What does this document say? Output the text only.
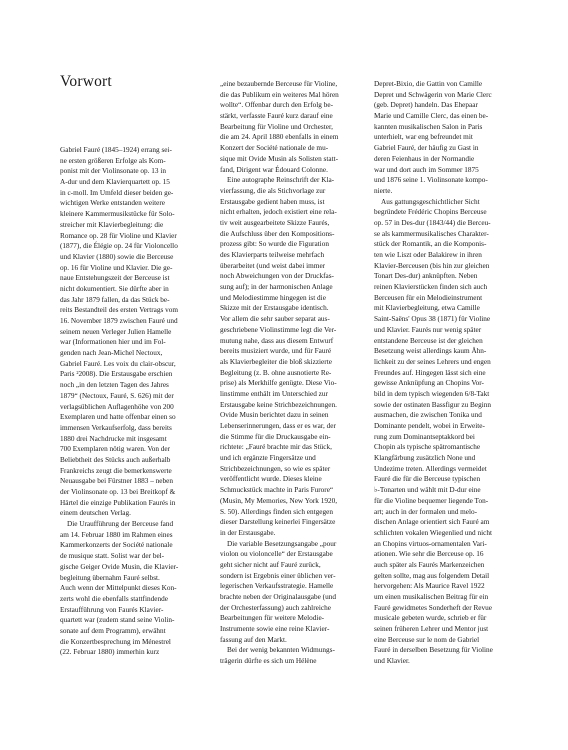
Vorwort
Gabriel Fauré (1845–1924) errang sei-
ne ersten größeren Erfolge als Kom-
ponist mit der Violinsonate op. 13 in
A-dur und dem Klavierquartett op. 15
in c-moll. Im Umfeld dieser beiden ge-
wichtigen Werke entstanden weitere
kleinere Kammermusikstücke für Solo-
streicher mit Klavierbegleitung: die
Romance op. 28 für Violine und Klavier
(1877), die Élégie op. 24 für Violoncello
und Klavier (1880) sowie die Berceuse
op. 16 für Violine und Klavier. Die ge-
naue Entstehungszeit der Berceuse ist
nicht dokumentiert. Sie dürfte aber in
das Jahr 1879 fallen, da das Stück be-
reits Bestandteil des ersten Vertrags vom
16. November 1879 zwischen Fauré und
seinem neuen Verleger Julien Hamelle
war (Informationen hier und im Fol-
genden nach Jean-Michel Nectoux,
Gabriel Fauré. Les voix du clair-obscur,
Paris ²2008). Die Erstausgabe erschien
noch „in den letzten Tagen des Jahres
1879“ (Nectoux, Fauré, S. 626) mit der
verlagsüblichen Auflagenhöhe von 200
Exemplaren und hatte offenbar einen so
immensen Verkaufserfolg, dass bereits
1880 drei Nachdrucke mit insgesamt
700 Exemplaren nötig waren. Von der
Beliebtheit des Stücks auch außerhalb
Frankreichs zeugt die bemerkenswerte
Neuausgabe bei Fürstner 1883 – neben
der Violinsonate op. 13 bei Breitkopf &
Härtel die einzige Publikation Faurés in
einem deutschen Verlag.
Die Uraufführung der Berceuse fand
am 14. Februar 1880 im Rahmen eines
Kammerkonzerts der Société nationale
de musique statt. Solist war der bel-
gische Geiger Ovide Musin, die Klavier-
begleitung übernahm Fauré selbst.
Auch wenn der Mittelpunkt dieses Kon-
zerts wohl die ebenfalls stattfindende
Erstaufführung von Faurés Klavier-
quartett war (zudem stand seine Violin-
sonate auf dem Programm), erwähnt
die Konzertbesprechung im Ménestrel
(22. Februar 1880) immerhin kurz
„eine bezaubernde Berceuse für Violine,
die das Publikum ein weiteres Mal hören
wollte“. Offenbar durch den Erfolg be-
stärkt, verfasste Fauré kurz darauf eine
Bearbeitung für Violine und Orchester,
die am 24. April 1880 ebenfalls in einem
Konzert der Société nationale de mu-
sique mit Ovide Musin als Solisten statt-
fand, Dirigent war Édouard Colonne.
Eine autographe Reinschrift der Kla-
vierfassung, die als Stichvorlage zur
Erstausgabe gedient haben muss, ist
nicht erhalten, jedoch existiert eine rela-
tiv weit ausgearbeitete Skizze Faurés,
die Aufschluss über den Kompositions-
prozess gibt: So wurde die Figuration
des Klavierparts teilweise mehrfach
überarbeitet (und weist dabei immer
noch Abweichungen von der Druckfas-
sung auf); in der harmonischen Anlage
und Melodiestimme hingegen ist die
Skizze mit der Erstausgabe identisch.
Vor allem die sehr sauber separat aus-
geschriebene Violinstimme legt die Ver-
mutung nahe, dass aus diesem Entwurf
bereits musiziert wurde, und für Fauré
als Klavierbegleiter die bloß skizzierte
Begleitung (z. B. ohne ausnotierte Re-
prise) als Merkhilfe genügte. Diese Vio-
linstimme enthält im Unterschied zur
Erstausgabe keine Strichbezeichnungen.
Ovide Musin berichtet dazu in seinen
Lebenserinnerungen, dass er es war, der
die Stimme für die Druckausgabe ein-
richtete: „Fauré brachte mir das Stück,
und ich ergänzte Fingersätze und
Strichbezeichnungen, so wie es später
veröffentlicht wurde. Dieses kleine
Schmuckstück machte in Paris Furore“
(Musin, My Memories, New York 1920,
S. 50). Allerdings finden sich entgegen
dieser Darstellung keinerlei Fingersätze
in der Erstausgabe.
Die variable Besetzungsangabe „pour
violon ou violoncelle“ der Erstausgabe
geht sicher nicht auf Fauré zurück,
sondern ist Ergebnis einer üblichen ver-
legerischen Verkaufsstrategie. Hamelle
brachte neben der Originalausgabe (und
der Orchesterfassung) auch zahlreiche
Bearbeitungen für weitere Melodie-
Instrumente sowie eine reine Klavier-
fassung auf den Markt.
Bei der wenig bekannten Widmungs-
trägerin dürfte es sich um Hélène
Depret-Bixio, die Gattin von Camille
Depret und Schwägerin von Marie Clerc
(geb. Depret) handeln. Das Ehepaar
Marie und Camille Clerc, das einen be-
kannten musikalischen Salon in Paris
unterhielt, war eng befreundet mit
Gabriel Fauré, der häufig zu Gast in
deren Feienhaus in der Normandie
war und dort auch im Sommer 1875
und 1876 seine 1. Violinsonate kompo-
nierte.
Aus gattungsgeschichtlicher Sicht
begründete Frédéric Chopins Berceuse
op. 57 in Des-dur (1843/44) die Berceu-
se als kammermusikalisches Charakter-
stück der Romantik, an die Komponis-
ten wie Liszt oder Balakirew in ihren
Klavier-Berceusen (bis hin zur gleichen
Tonart Des-dur) anknüpften. Neben
reinen Klavierstücken finden sich auch
Berceusen für ein Melodieinstrument
mit Klavierbegleitung, etwa Camille
Saint-Saëns' Opus 38 (1871) für Violine
und Klavier. Faurés nur wenig später
entstandene Berceuse ist der gleichen
Besetzung weist allerdings kaum Ähn-
lichkeit zu der seines Lehrers und engen
Freundes auf. Hingegen lässt sich eine
gewisse Anknüpfung an Chopins Vor-
bild in dem typisch wiegenden 6/8-Takt
sowie der ostinaten Bassfigur zu Beginn
ausmachen, die zwischen Tonika und
Dominante pendelt, wobei in Erweite-
rung zum Dominantseptakkord bei
Chopin als typische spätromantische
Klangfärbung zusätzlich None und
Undezime treten. Allerdings vermeidet
Fauré die für die Berceuse typischen
♭-Tonarten und wählt mit D-dur eine
für die Violine bequemer liegende Ton-
art; auch in der formalen und melo-
dischen Anlage orientiert sich Fauré am
schlichten vokalen Wiegenlied und nicht
an Chopins virtuos-ornamentalen Vari-
ationen. Wie sehr die Berceuse op. 16
auch später als Faurés Markenzeichen
gelten sollte, mag aus folgendem Detail
hervorgehen: Als Maurice Ravel 1922
um einen musikalischen Beitrag für ein
Fauré gewidmetes Sonderheft der Revue
musicale gebeten wurde, schrieb er für
seinen früheren Lehrer und Mentor just
eine Berceuse sur le nom de Gabriel
Fauré in derselben Besetzung für Violine
und Klavier.
